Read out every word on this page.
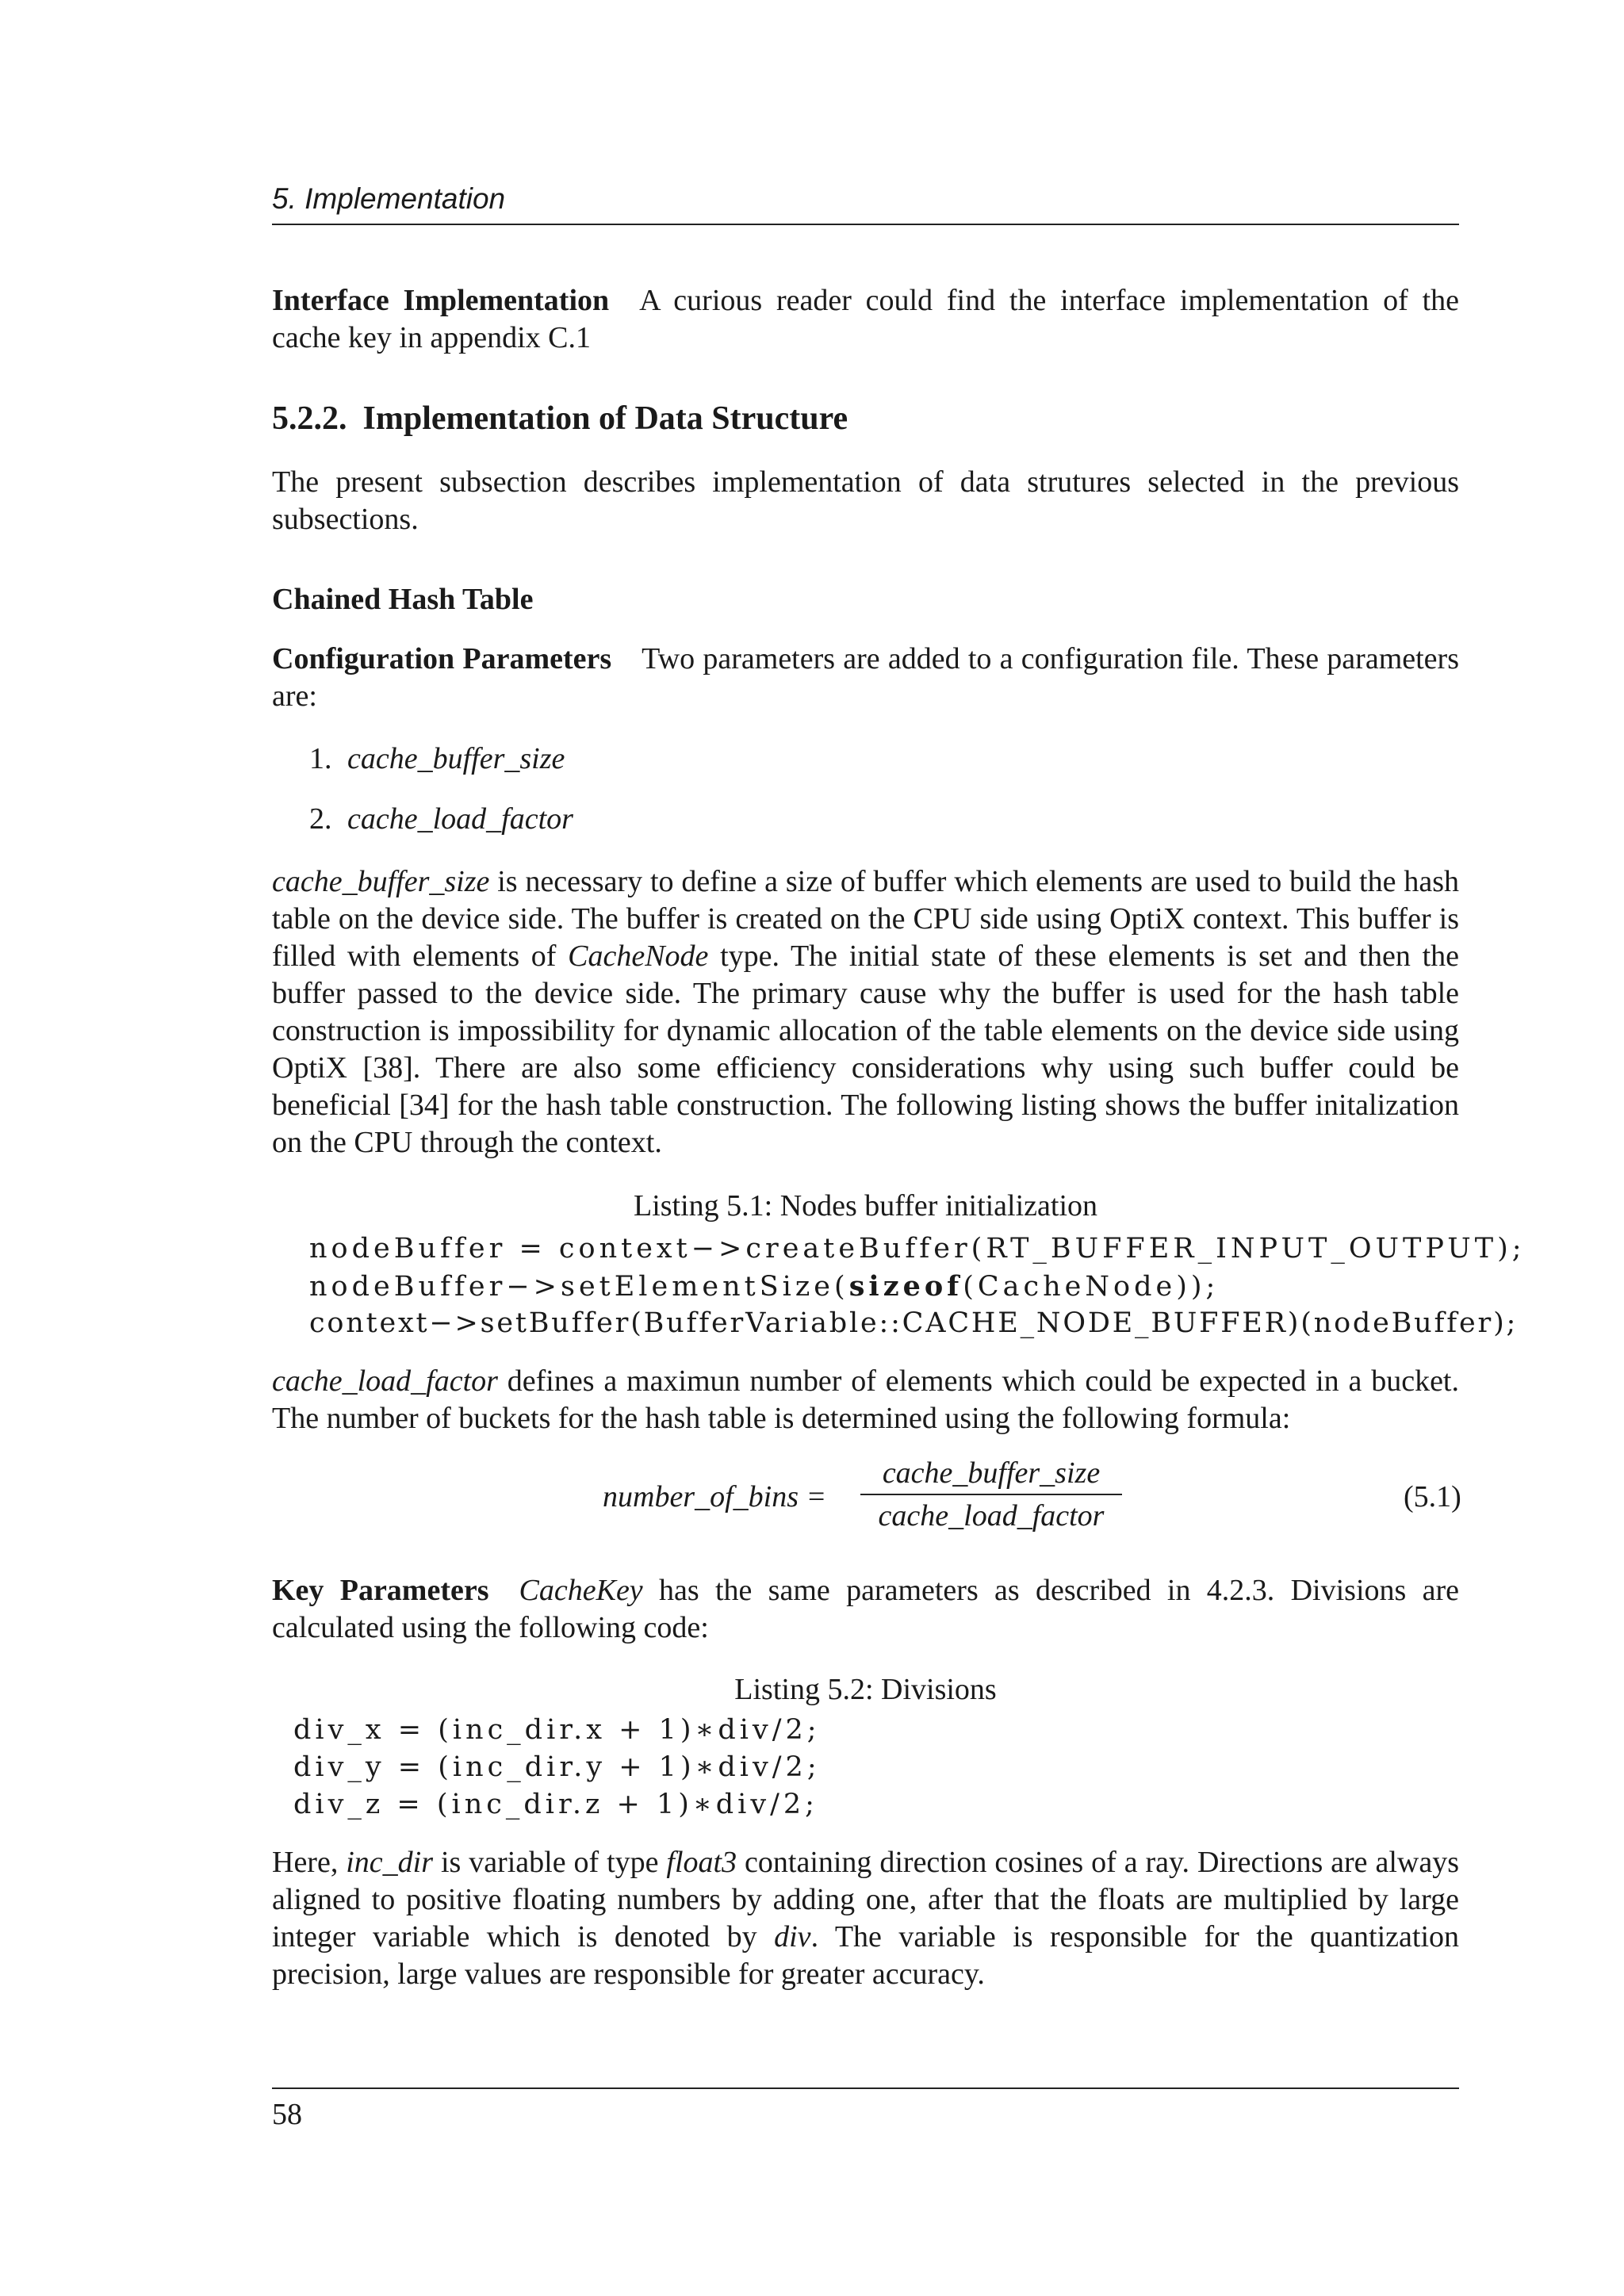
5. Implementation
Interface Implementation A curious reader could find the interface implementation of the cache key in appendix C.1
5.2.2. Implementation of Data Structure
The present subsection describes implementation of data strutures selected in the previous subsections.
Chained Hash Table
Configuration Parameters Two parameters are added to a configuration file. These parameters are:
1. cache_buffer_size
2. cache_load_factor
cache_buffer_size is necessary to define a size of buffer which elements are used to build the hash table on the device side. The buffer is created on the CPU side using OptiX context. This buffer is filled with elements of CacheNode type. The initial state of these elements is set and then the buffer passed to the device side. The primary cause why the buffer is used for the hash table construction is impossibility for dynamic allocation of the table elements on the device side using OptiX [38]. There are also some efficiency considerations why using such buffer could be beneficial [34] for the hash table construction. The following listing shows the buffer initalization on the CPU through the context.
Listing 5.1: Nodes buffer initialization
nodeBuffer = context−>createBuffer(RT_BUFFER_INPUT_OUTPUT);
nodeBuffer−>setElementSize(sizeof(CacheNode));
context−>setBuffer(BufferVariable::CACHE_NODE_BUFFER)(nodeBuffer);
cache_load_factor defines a maximun number of elements which could be expected in a bucket. The number of buckets for the hash table is determined using the following formula:
number_of_bins =
cache_buffer_size
cache_load_factor
(5.1)
Key Parameters CacheKey has the same parameters as described in 4.2.3. Divisions are calculated using the following code:
Listing 5.2: Divisions
div_x = (inc_dir.x + 1)∗div/2;
div_y = (inc_dir.y + 1)∗div/2;
div_z = (inc_dir.z + 1)∗div/2;
Here, inc_dir is variable of type float3 containing direction cosines of a ray. Directions are always aligned to positive floating numbers by adding one, after that the floats are multiplied by large integer variable which is denoted by div. The variable is responsible for the quantization precision, large values are responsible for greater accuracy.
58
